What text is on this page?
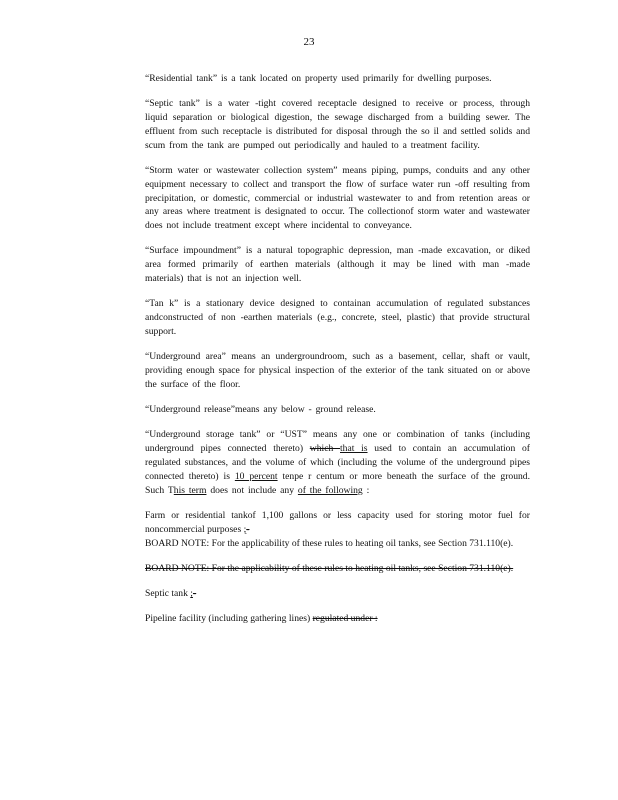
23

“Residential tank” is a tank located on property used primarily for dwelling purposes.

“Septic tank” is a water -tight covered receptacle designed to receive or process, through liquid separation or biological digestion, the sewage discharged from a building sewer. The effluent from such receptacle is distributed for disposal through the so il and settled solids and scum from the tank are pumped out periodically and hauled to a treatment facility.

“Storm water or wastewater collection system” means piping, pumps, conduits and any other equipment necessary to collect and transport the flow of surface water run -off resulting from precipitation, or domestic, commercial or industrial wastewater to and from retention areas or any areas where treatment is designated to occur. The collectionof storm water and wastewater does not include treatment except where incidental to conveyance.

“Surface impoundment” is a natural topographic depression, man -made excavation, or diked area formed primarily of earthen materials (although it may be lined with man -made materials) that is not an injection well.

“Tan k” is a stationary device designed to containan accumulation of regulated substances andconstructed of non -earthen materials (e.g., concrete, steel, plastic) that provide structural support.

“Underground area” means an undergroundroom, such as a basement, cellar, shaft or vault, providing enough space for physical inspection of the exterior of the tank situated on or above the surface of the floor.

“Underground release”means any below - ground release.

“Underground storage tank” or “UST” means any one or combination of tanks (including underground pipes connected thereto) which that is used to contain an accumulation of regulated substances, and the volume of which (including the volume of the underground pipes connected thereto) is 10 percent tenpe r centum or more beneath the surface of the ground. Such This term does not include any of the following :

Farm or residential tankof 1,100 gallons or less capacity used for storing motor fuel for noncommercial purposes ;-
BOARD NOTE: For the applicability of these rules to heating oil tanks, see Section 731.110(e).
BOARD NOTE: For the applicability of these rules to heating oil tanks, see Section 731.110(e).
Septic tank ;-
Pipeline facility (including gathering lines) regulated under :
